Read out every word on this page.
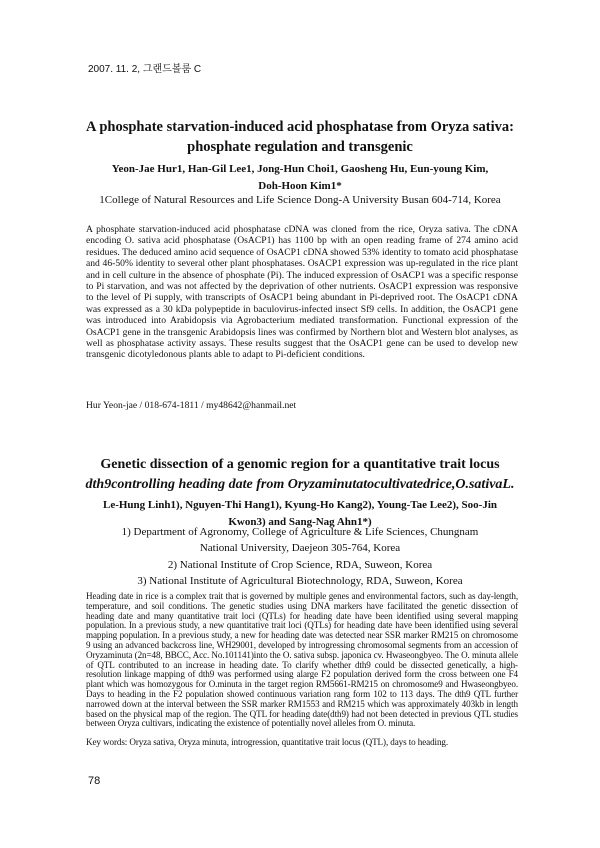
2007. 11. 2, 그랜드볼룸 C
A phosphate starvation-induced acid phosphatase from Oryza sativa:
phosphate regulation and transgenic
Yeon-Jae Hur1, Han-Gil Lee1, Jong-Hun Choi1, Gaosheng Hu, Eun-young Kim,
Doh-Hoon Kim1*
1College of Natural Resources and Life Science Dong-A University Busan 604-714, Korea
A phosphate starvation-induced acid phosphatase cDNA was cloned from the rice, Oryza sativa. The cDNA encoding O. sativa acid phosphatase (OsACP1) has 1100 bp with an open reading frame of 274 amino acid residues. The deduced amino acid sequence of OsACP1 cDNA showed 53% identity to tomato acid phosphatase and 46-50% identity to several other plant phosphatases. OsACP1 expression was up-regulated in the rice plant and in cell culture in the absence of phosphate (Pi). The induced expression of OsACP1 was a specific response to Pi starvation, and was not affected by the deprivation of other nutrients. OsACP1 expression was responsive to the level of Pi supply, with transcripts of OsACP1 being abundant in Pi-deprived root. The OsACP1 cDNA was expressed as a 30 kDa polypeptide in baculovirus-infected insect Sf9 cells. In addition, the OsACP1 gene was introduced into Arabidopsis via Agrobacterium mediated transformation. Functional expression of the OsACP1 gene in the transgenic Arabidopsis lines was confirmed by Northern blot and Western blot analyses, as well as phosphatase activity assays. These results suggest that the OsACP1 gene can be used to develop new transgenic dicotyledonous plants able to adapt to Pi-deficient conditions.
Hur Yeon-jae / 018-674-1811 / my48642@hanmail.net
Genetic dissection of a genomic region for a quantitative trait locus
dth9controlling heading date from Oryzaminutatocultivatedrice,O.sativaL.
Le-Hung Linh1), Nguyen-Thi Hang1), Kyung-Ho Kang2), Young-Tae Lee2), Soo-Jin
Kwon3) and Sang-Nag Ahn1*)
1) Department of Agronomy, College of Agriculture & Life Sciences, Chungnam
National University, Daejeon 305-764, Korea
2) National Institute of Crop Science, RDA, Suweon, Korea
3) National Institute of Agricultural Biotechnology, RDA, Suweon, Korea
Heading date in rice is a complex trait that is governed by multiple genes and environmental factors, such as day-length, temperature, and soil conditions. The genetic studies using DNA markers have facilitated the genetic dissection of heading date and many quantitative trait loci (QTLs) for heading date have been identified using several mapping population. In a previous study, a new quantitative trait loci (QTLs) for heading date have been identified using several mapping population. In a previous study, a new for heading date was detected near SSR marker RM215 on chromosome 9 using an advanced backcross line, WH29001, developed by introgressing chromosomal segments from an accession of Oryzaminuta (2n=48, BBCC, Acc. No.101141)into the O. sativa subsp. japonica cv. Hwaseongbyeo. The O. minuta allele of QTL contributed to an increase in heading date. To clarify whether dth9 could be dissected genetically, a high-resolution linkage mapping of dth9 was performed using alarge F2 population derived form the cross between one F4 plant which was homozygous for O.minuta in the target region RM5661-RM215 on chromosome9 and Hwaseongbyeo. Days to heading in the F2 population showed continuous variation rang form 102 to 113 days. The dth9 QTL further narrowed down at the interval between the SSR marker RM1553 and RM215 which was approximately 403kb in length based on the physical map of the region. The QTL for heading date(dth9) had not been detected in previous QTL studies between Oryza cultivars, indicating the existence of potentially novel alleles from O. minuta.
Key words: Oryza sativa, Oryza minuta, introgression, quantitative trait locus (QTL), days to heading.
78
